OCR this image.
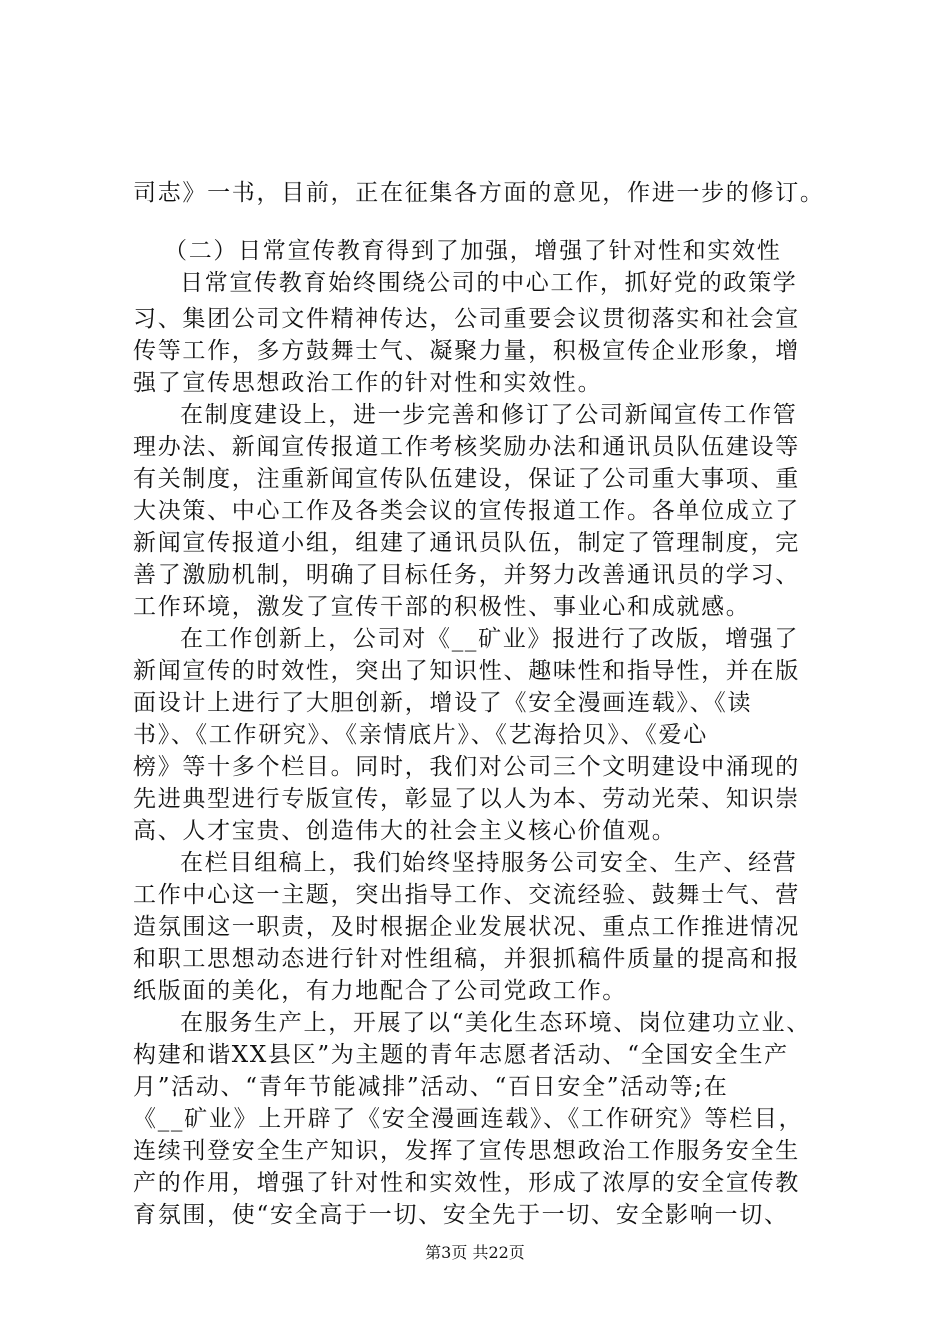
司志》一书，目前，正在征集各方面的意见，作进一步的修订。
（二）日常宣传教育得到了加强，增强了针对性和实效性
日常宣传教育始终围绕公司的中心工作，抓好党的政策学
习、集团公司文件精神传达，公司重要会议贯彻落实和社会宣
传等工作，多方鼓舞士气、凝聚力量，积极宣传企业形象，增
强了宣传思想政治工作的针对性和实效性。
在制度建设上，进一步完善和修订了公司新闻宣传工作管
理办法、新闻宣传报道工作考核奖励办法和通讯员队伍建设等
有关制度，注重新闻宣传队伍建设，保证了公司重大事项、重
大决策、中心工作及各类会议的宣传报道工作。各单位成立了
新闻宣传报道小组，组建了通讯员队伍，制定了管理制度，完
善了激励机制，明确了目标任务，并努力改善通讯员的学习、
工作环境，激发了宣传干部的积极性、事业心和成就感。
在工作创新上，公司对《__矿业》报进行了改版，增强了
新闻宣传的时效性，突出了知识性、趣味性和指导性，并在版
面设计上进行了大胆创新，增设了《安全漫画连载》、《读
书》、《工作研究》、《亲情底片》、《艺海拾贝》、《爱心
榜》等十多个栏目。同时，我们对公司三个文明建设中涌现的
先进典型进行专版宣传，彰显了以人为本、劳动光荣、知识崇
高、人才宝贵、创造伟大的社会主义核心价值观。
在栏目组稿上，我们始终坚持服务公司安全、生产、经营
工作中心这一主题，突出指导工作、交流经验、鼓舞士气、营
造氛围这一职责，及时根据企业发展状况、重点工作推进情况
和职工思想动态进行针对性组稿，并狠抓稿件质量的提高和报
纸版面的美化，有力地配合了公司党政工作。
在服务生产上，开展了以“美化生态环境、岗位建功立业、
构建和谐XX县区”为主题的青年志愿者活动、“全国安全生产
月”活动、“青年节能减排”活动、“百日安全”活动等;在
《__矿业》上开辟了《安全漫画连载》、《工作研究》等栏目，
连续刊登安全生产知识，发挥了宣传思想政治工作服务安全生
产的作用，增强了针对性和实效性，形成了浓厚的安全宣传教
育氛围，使“安全高于一切、安全先于一切、安全影响一切、
第3页 共22页
